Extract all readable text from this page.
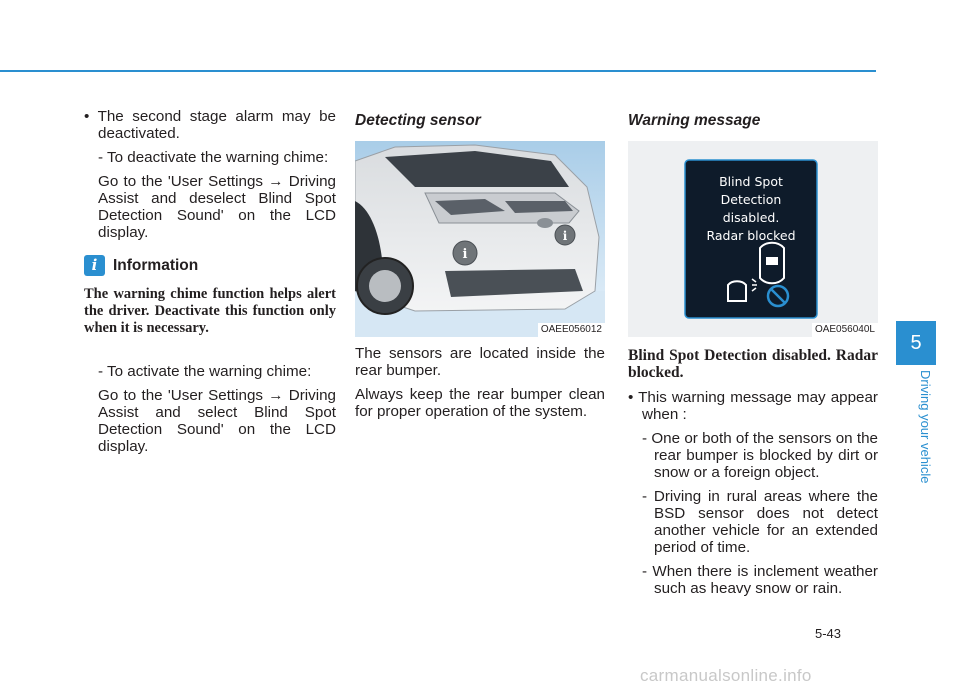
• The second stage alarm may be deactivated.

- To deactivate the warning chime:

Go to the 'User Settings → Driving Assist and deselect Blind Spot Detection Sound' on the LCD display.

i	Information
The warning chime function helps alert the driver. Deactivate this function only when it is necessary.

- To activate the warning chime:

Go to the 'User Settings → Driving Assist and select Blind Spot Detection Sound' on the LCD display.

Detecting sensor
i
i
OAEE056012

The sensors are located inside the rear bumper.

Always keep the rear bumper clean for proper operation of the system.

Warning message
Blind Spot
Detection
disabled.
Radar blocked
OAE056040L
Blind Spot Detection disabled. Radar blocked.

• This warning message may appear when :

- One or both of the sensors on the rear bumper is blocked by dirt or snow or a foreign object.

- Driving in rural areas where the BSD sensor does not detect another vehicle for an extended period of time.

- When there is inclement weather such as heavy snow or rain.

5
Driving your vehicle
5-43
carmanualsonline.info
